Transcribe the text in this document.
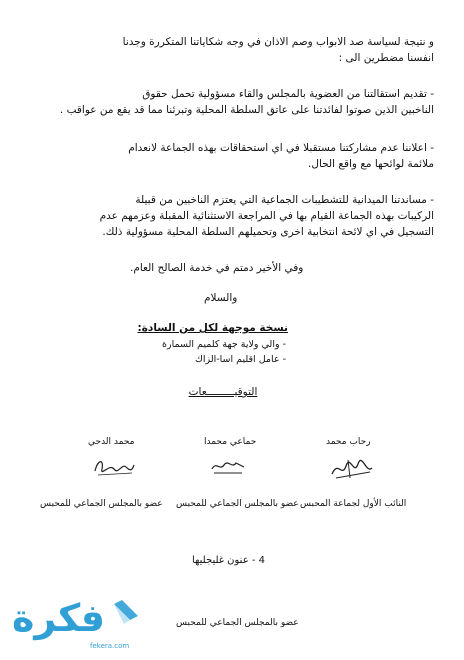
و نتيجة لسياسة صد الابواب وصم الاذان في وجه شكاياتنا المتكررة وجدنا
انفسنا مضطرين الى :
- تقديم استقالتنا من العضوية بالمجلس والقاء مسؤولية تحمل حقوق
الناخبين الذين صوتوا لفائدتنا على عاتق السلطة المحلية وتبرئنا مما قد يقع من عواقب .
- اعلاننا عدم مشاركتنا مستقبلا في اي استحقاقات بهذه الجماعة لانعدام
ملائمة لوائحها مع واقع الحال.
- مساندتنا الميدانية للتشطيبات الجماعية التي يعتزم الناخبين من قبيلة
الركيبات بهذه الجماعة القيام بها في المراجعة الاستثنائية المقبلة وعزمهم عدم
التسجيل في اي لائحة انتخابية اخرى وتحميلهم السلطة المحلية مسؤولية ذلك.
وفي الأخير دمتم في خدمة الصالح العام.
والسلام
نسخة موجهة لكل من السادة:
- والي ولاية جهة كلميم السمارة
- عامل اقليم اسا-الزاك
التوقيـــــــــعات
رحاب محمد
حماعي محمدا
محمد الدحي
النائب الأول لجماعة المحبس
عضو بالمجلس الجماعي للمحبس
عضو بالمجلس الجماعي للمحبس
4 - عنون غليجليها
عضو بالمجلس الجماعي للمحبس
فكرة
fekera.com
